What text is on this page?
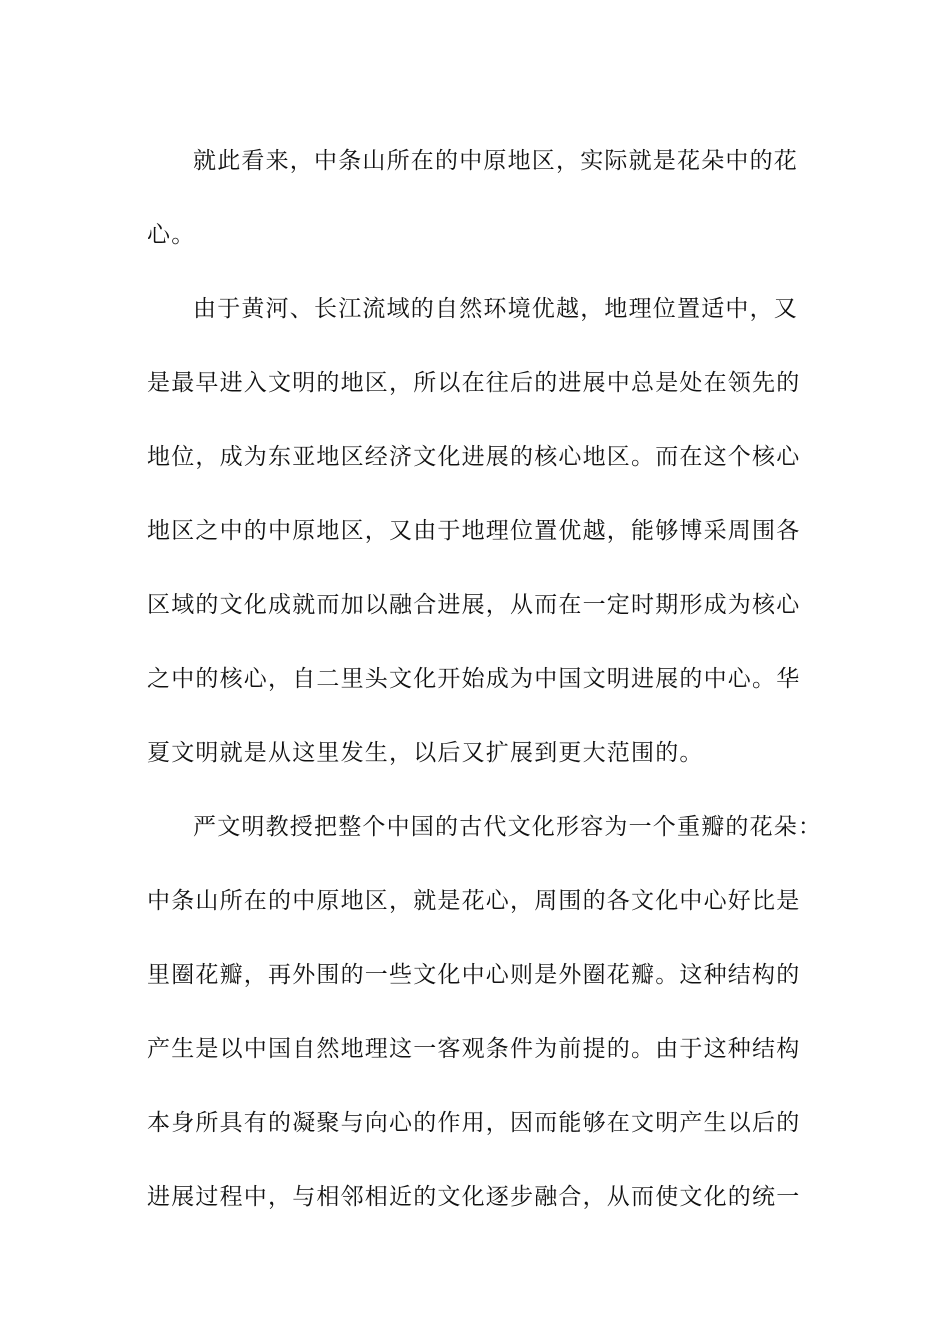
就此看来，中条山所在的中原地区，实际就是花朵中的花
心。
由于黄河、长江流域的自然环境优越，地理位置适中，又
是最早进入文明的地区，所以在往后的进展中总是处在领先的
地位，成为东亚地区经济文化进展的核心地区。而在这个核心
地区之中的中原地区，又由于地理位置优越，能够博采周围各
区域的文化成就而加以融合进展，从而在一定时期形成为核心
之中的核心，自二里头文化开始成为中国文明进展的中心。华
夏文明就是从这里发生，以后又扩展到更大范围的。
严文明教授把整个中国的古代文化形容为一个重瓣的花朵：
中条山所在的中原地区，就是花心，周围的各文化中心好比是
里圈花瓣，再外围的一些文化中心则是外圈花瓣。这种结构的
产生是以中国自然地理这一客观条件为前提的。由于这种结构
本身所具有的凝聚与向心的作用，因而能够在文明产生以后的
进展过程中，与相邻相近的文化逐步融合，从而使文化的统一
